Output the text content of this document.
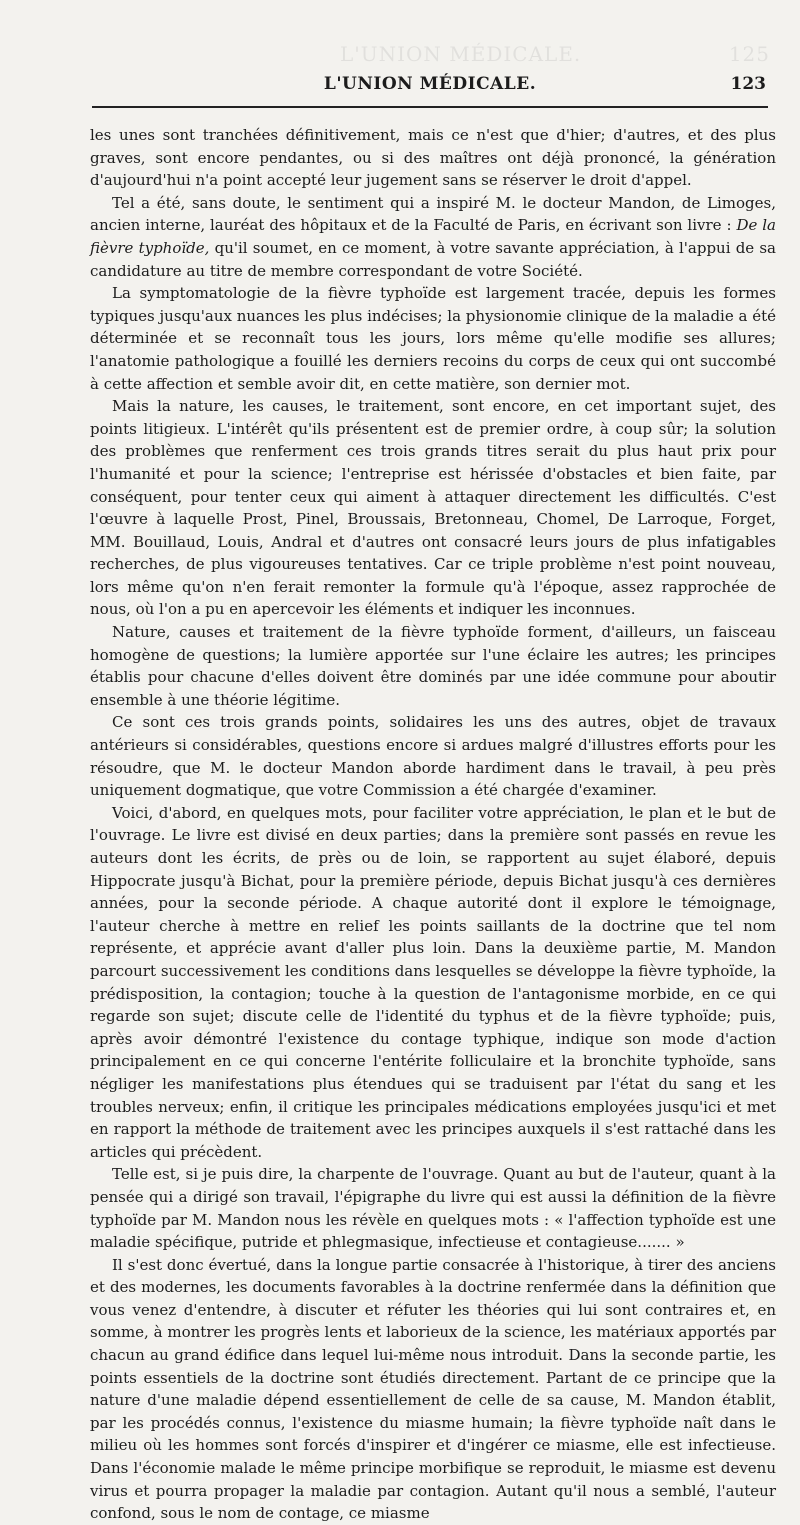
L'UNION MÉDICALE.	125
L'UNION MÉDICALE.	123

les unes sont tranchées définitivement, mais ce n'est que d'hier; d'autres, et des plus graves, sont encore pendantes, ou si des maîtres ont déjà prononcé, la génération d'aujourd'hui n'a point accepté leur jugement sans se réserver le droit d'appel.

Tel a été, sans doute, le sentiment qui a inspiré M. le docteur Mandon, de Limoges, ancien interne, lauréat des hôpitaux et de la Faculté de Paris, en écrivant son livre : De la fièvre typhoïde, qu'il soumet, en ce moment, à votre savante appréciation, à l'appui de sa candidature au titre de membre correspondant de votre Société.

La symptomatologie de la fièvre typhoïde est largement tracée, depuis les formes typiques jusqu'aux nuances les plus indécises; la physionomie clinique de la maladie a été déterminée et se reconnaît tous les jours, lors même qu'elle modifie ses allures; l'anatomie pathologique a fouillé les derniers recoins du corps de ceux qui ont succombé à cette affection et semble avoir dit, en cette matière, son dernier mot.

Mais la nature, les causes, le traitement, sont encore, en cet important sujet, des points litigieux. L'intérêt qu'ils présentent est de premier ordre, à coup sûr; la solution des problèmes que renferment ces trois grands titres serait du plus haut prix pour l'humanité et pour la science; l'entreprise est hérissée d'obstacles et bien faite, par conséquent, pour tenter ceux qui aiment à attaquer directement les difficultés. C'est l'œuvre à laquelle Prost, Pinel, Broussais, Bretonneau, Chomel, De Larroque, Forget, MM. Bouillaud, Louis, Andral et d'autres ont consacré leurs jours de plus infatigables recherches, de plus vigoureuses tentatives. Car ce triple problème n'est point nouveau, lors même qu'on n'en ferait remonter la formule qu'à l'époque, assez rapprochée de nous, où l'on a pu en apercevoir les éléments et indiquer les inconnues.

Nature, causes et traitement de la fièvre typhoïde forment, d'ailleurs, un faisceau homogène de questions; la lumière apportée sur l'une éclaire les autres; les principes établis pour chacune d'elles doivent être dominés par une idée commune pour aboutir ensemble à une théorie légitime.

Ce sont ces trois grands points, solidaires les uns des autres, objet de travaux antérieurs si considérables, questions encore si ardues malgré d'illustres efforts pour les résoudre, que M. le docteur Mandon aborde hardiment dans le travail, à peu près uniquement dogmatique, que votre Commission a été chargée d'examiner.

Voici, d'abord, en quelques mots, pour faciliter votre appréciation, le plan et le but de l'ouvrage. Le livre est divisé en deux parties; dans la première sont passés en revue les auteurs dont les écrits, de près ou de loin, se rapportent au sujet élaboré, depuis Hippocrate jusqu'à Bichat, pour la première période, depuis Bichat jusqu'à ces dernières années, pour la seconde période. A chaque autorité dont il explore le témoignage, l'auteur cherche à mettre en relief les points saillants de la doctrine que tel nom représente, et apprécie avant d'aller plus loin. Dans la deuxième partie, M. Mandon parcourt successivement les conditions dans lesquelles se développe la fièvre typhoïde, la prédisposition, la contagion; touche à la question de l'antagonisme morbide, en ce qui regarde son sujet; discute celle de l'identité du typhus et de la fièvre typhoïde; puis, après avoir démontré l'existence du contage typhique, indique son mode d'action principalement en ce qui concerne l'entérite folliculaire et la bronchite typhoïde, sans négliger les manifestations plus étendues qui se traduisent par l'état du sang et les troubles nerveux; enfin, il critique les principales médications employées jusqu'ici et met en rapport la méthode de traitement avec les principes auxquels il s'est rattaché dans les articles qui précèdent.

Telle est, si je puis dire, la charpente de l'ouvrage. Quant au but de l'auteur, quant à la pensée qui a dirigé son travail, l'épigraphe du livre qui est aussi la définition de la fièvre typhoïde par M. Mandon nous les révèle en quelques mots : « l'affection typhoïde est une maladie spécifique, putride et phlegmasique, infectieuse et contagieuse....... »

Il s'est donc évertué, dans la longue partie consacrée à l'historique, à tirer des anciens et des modernes, les documents favorables à la doctrine renfermée dans la définition que vous venez d'entendre, à discuter et réfuter les théories qui lui sont contraires et, en somme, à montrer les progrès lents et laborieux de la science, les matériaux apportés par chacun au grand édifice dans lequel lui-même nous introduit. Dans la seconde partie, les points essentiels de la doctrine sont étudiés directement. Partant de ce principe que la nature d'une maladie dépend essentiellement de celle de sa cause, M. Mandon établit, par les procédés connus, l'existence du miasme humain; la fièvre typhoïde naît dans le milieu où les hommes sont forcés d'inspirer et d'ingérer ce miasme, elle est infectieuse. Dans l'économie malade le même principe morbifique se reproduit, le miasme est devenu virus et pourra propager la maladie par contagion. Autant qu'il nous a semblé, l'auteur confond, sous le nom de contage, ce miasme
